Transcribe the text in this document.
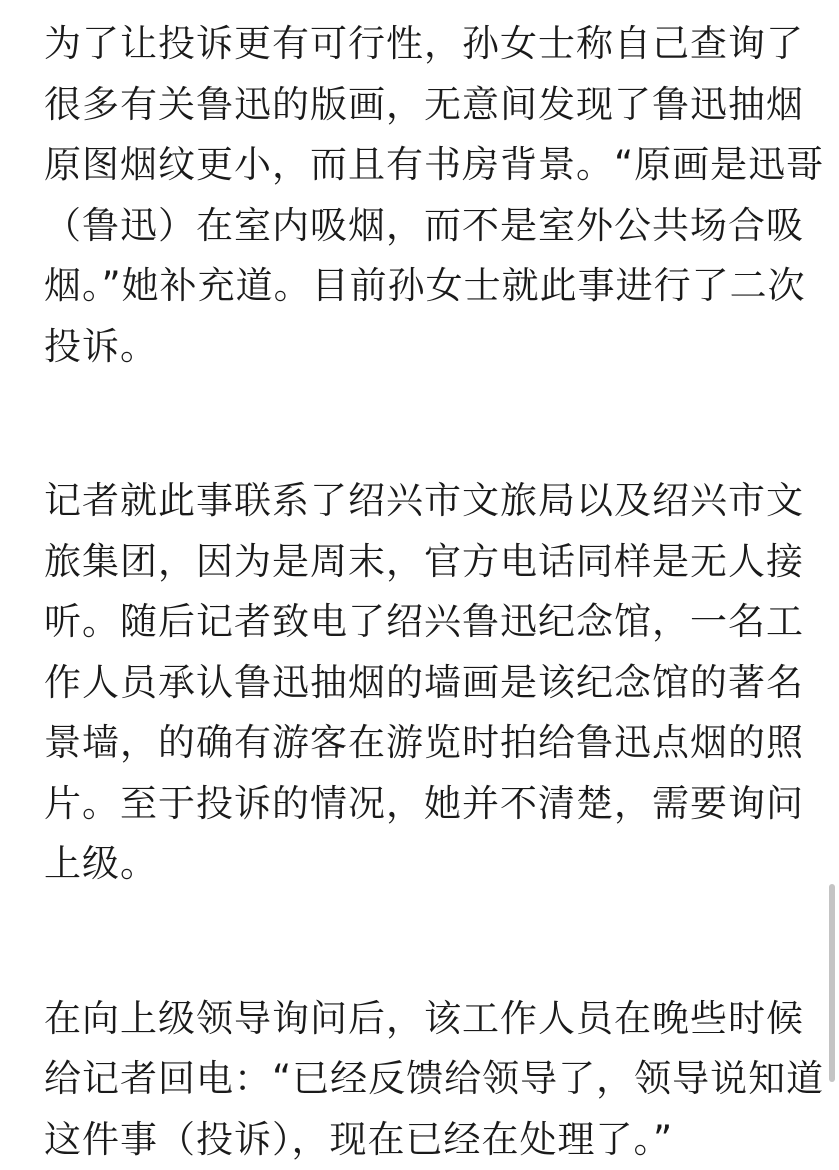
为了让投诉更有可行性，孙女士称自己查询了

很多有关鲁迅的版画，无意间发现了鲁迅抽烟

原图烟纹更小，而且有书房背景。“原画是迅哥

（鲁迅）在室内吸烟，而不是室外公共场合吸

烟。”她补充道。目前孙女士就此事进行了二次

投诉。

记者就此事联系了绍兴市文旅局以及绍兴市文

旅集团，因为是周末，官方电话同样是无人接

听。随后记者致电了绍兴鲁迅纪念馆，一名工

作人员承认鲁迅抽烟的墙画是该纪念馆的著名

景墙，的确有游客在游览时拍给鲁迅点烟的照

片。至于投诉的情况，她并不清楚，需要询问

上级。

在向上级领导询问后，该工作人员在晚些时候

给记者回电：“已经反馈给领导了，领导说知道

这件事（投诉），现在已经在处理了。”
